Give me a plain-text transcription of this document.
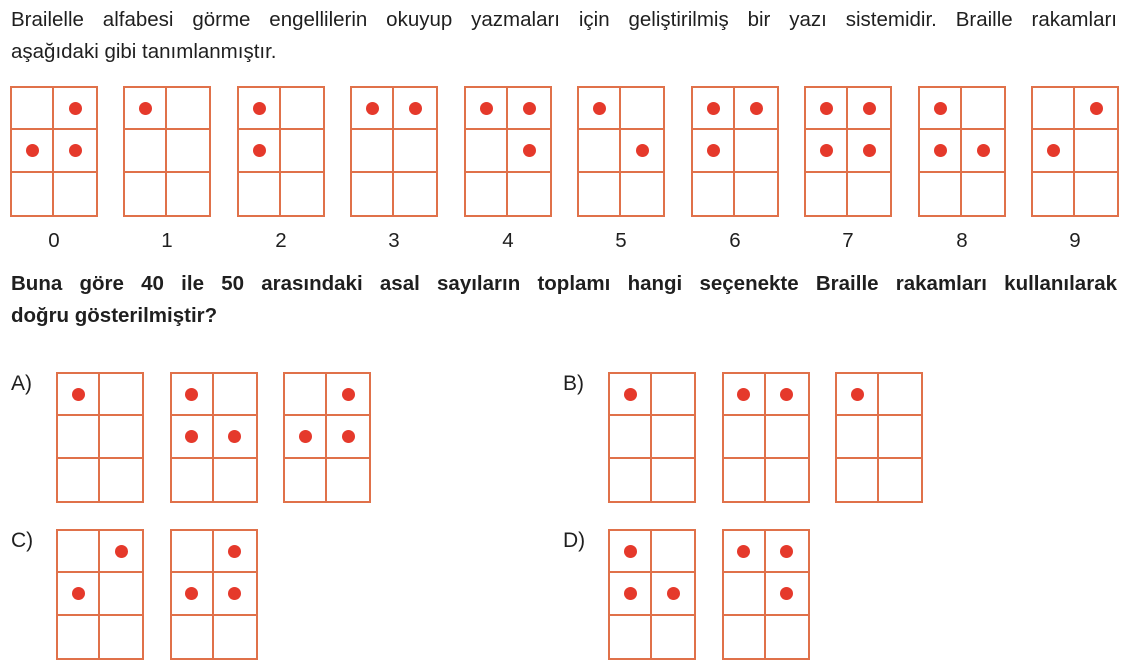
Brailelle alfabesi görme engellilerin okuyup yazmaları için geliştirilmiş bir yazı sistemidir. Braille rakamları
aşağıdaki gibi tanımlanmıştır.
0	1	2	3	4	5	6	7	8	9
Buna göre 40 ile 50 arasındaki asal sayıların toplamı hangi seçenekte Braille rakamları kullanılarak
doğru gösterilmiştir?
A)	B)
C)	D)
